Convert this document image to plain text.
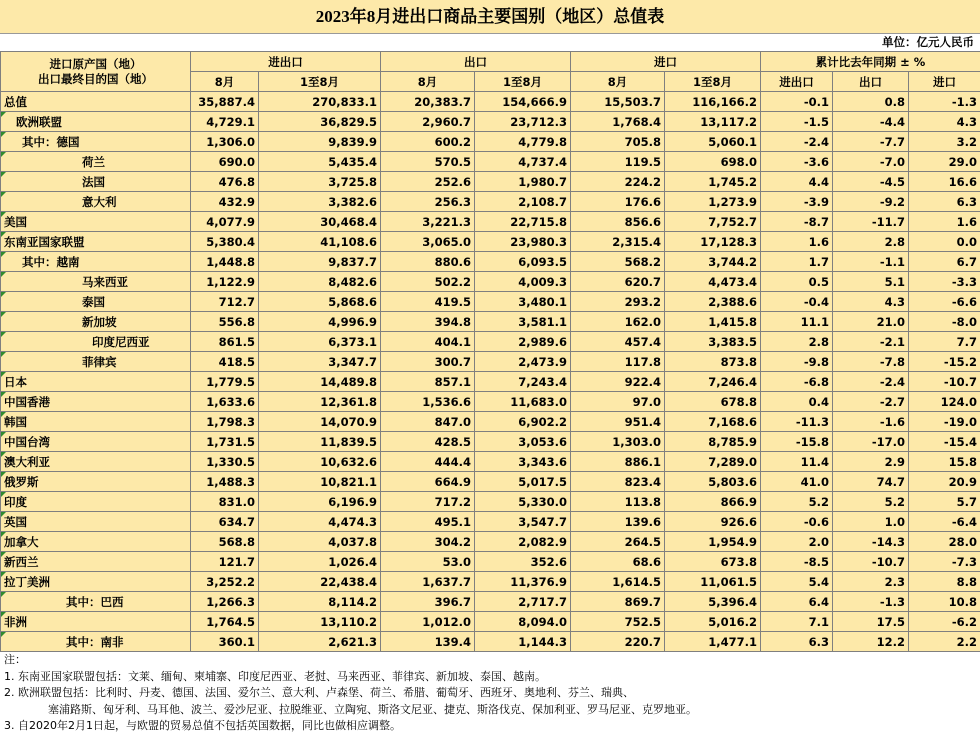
2023年8月进出口商品主要国别（地区）总值表
单位：亿元人民币
进口原产国（地）
出口最终目的国（地）	进出口		出口		进口		累计比去年同期 ± %		
	8月	1至8月	8月	1至8月	8月	1至8月	进出口	出口	进口
总值	35,887.4	270,833.1	20,383.7	154,666.9	15,503.7	116,166.2	-0.1	0.8	-1.3
欧洲联盟	4,729.1	36,829.5	2,960.7	23,712.3	1,768.4	13,117.2	-1.5	-4.4	4.3
其中：德国	1,306.0	9,839.9	600.2	4,779.8	705.8	5,060.1	-2.4	-7.7	3.2
荷兰	690.0	5,435.4	570.5	4,737.4	119.5	698.0	-3.6	-7.0	29.0
法国	476.8	3,725.8	252.6	1,980.7	224.2	1,745.2	4.4	-4.5	16.6
意大利	432.9	3,382.6	256.3	2,108.7	176.6	1,273.9	-3.9	-9.2	6.3
美国	4,077.9	30,468.4	3,221.3	22,715.8	856.6	7,752.7	-8.7	-11.7	1.6
东南亚国家联盟	5,380.4	41,108.6	3,065.0	23,980.3	2,315.4	17,128.3	1.6	2.8	0.0
其中：越南	1,448.8	9,837.7	880.6	6,093.5	568.2	3,744.2	1.7	-1.1	6.7
马来西亚	1,122.9	8,482.6	502.2	4,009.3	620.7	4,473.4	0.5	5.1	-3.3
泰国	712.7	5,868.6	419.5	3,480.1	293.2	2,388.6	-0.4	4.3	-6.6
新加坡	556.8	4,996.9	394.8	3,581.1	162.0	1,415.8	11.1	21.0	-8.0
印度尼西亚	861.5	6,373.1	404.1	2,989.6	457.4	3,383.5	2.8	-2.1	7.7
菲律宾	418.5	3,347.7	300.7	2,473.9	117.8	873.8	-9.8	-7.8	-15.2
日本	1,779.5	14,489.8	857.1	7,243.4	922.4	7,246.4	-6.8	-2.4	-10.7
中国香港	1,633.6	12,361.8	1,536.6	11,683.0	97.0	678.8	0.4	-2.7	124.0
韩国	1,798.3	14,070.9	847.0	6,902.2	951.4	7,168.6	-11.3	-1.6	-19.0
中国台湾	1,731.5	11,839.5	428.5	3,053.6	1,303.0	8,785.9	-15.8	-17.0	-15.4
澳大利亚	1,330.5	10,632.6	444.4	3,343.6	886.1	7,289.0	11.4	2.9	15.8
俄罗斯	1,488.3	10,821.1	664.9	5,017.5	823.4	5,803.6	41.0	74.7	20.9
印度	831.0	6,196.9	717.2	5,330.0	113.8	866.9	5.2	5.2	5.7
英国	634.7	4,474.3	495.1	3,547.7	139.6	926.6	-0.6	1.0	-6.4
加拿大	568.8	4,037.8	304.2	2,082.9	264.5	1,954.9	2.0	-14.3	28.0
新西兰	121.7	1,026.4	53.0	352.6	68.6	673.8	-8.5	-10.7	-7.3
拉丁美洲	3,252.2	22,438.4	1,637.7	11,376.9	1,614.5	11,061.5	5.4	2.3	8.8
其中：巴西	1,266.3	8,114.2	396.7	2,717.7	869.7	5,396.4	6.4	-1.3	10.8
非洲	1,764.5	13,110.2	1,012.0	8,094.0	752.5	5,016.2	7.1	17.5	-6.2
其中：南非	360.1	2,621.3	139.4	1,144.3	220.7	1,477.1	6.3	12.2	2.2
注：
1. 东南亚国家联盟包括：文莱、缅甸、柬埔寨、印度尼西亚、老挝、马来西亚、菲律宾、新加坡、泰国、越南。
2. 欧洲联盟包括：比利时、丹麦、德国、法国、爱尔兰、意大利、卢森堡、荷兰、希腊、葡萄牙、西班牙、奥地利、芬兰、瑞典、
塞浦路斯、匈牙利、马耳他、波兰、爱沙尼亚、拉脱维亚、立陶宛、斯洛文尼亚、捷克、斯洛伐克、保加利亚、罗马尼亚、克罗地亚。
3. 自2020年2月1日起，与欧盟的贸易总值不包括英国数据，同比也做相应调整。
